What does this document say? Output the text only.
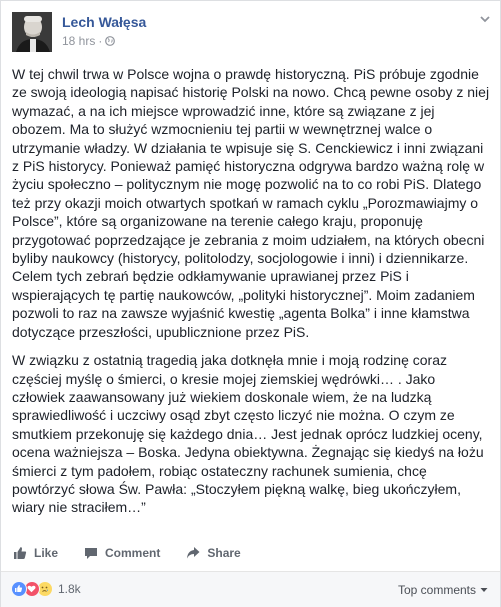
Lech Wałęsa
18 hrs ·

W tej chwil trwa w Polsce wojna o prawdę historyczną. PiS próbuje zgodnie ze swoją ideologią napisać historię Polski na nowo. Chcą pewne osoby z niej wymazać, a na ich miejsce wprowadzić inne, które są związane z jej obozem. Ma to służyć wzmocnieniu tej partii w wewnętrznej walce o utrzymanie władzy. W działania te wpisuje się S. Cenckiewicz i inni związani z PiS historycy. Ponieważ pamięć historyczna odgrywa bardzo ważną rolę w życiu społeczno – politycznym nie mogę pozwolić na to co robi PiS. Dlatego też przy okazji moich otwartych spotkań w ramach cyklu „Porozmawiajmy o Polsce”, które są organizowane na terenie całego kraju, proponuję przygotować poprzedzające je zebrania z moim udziałem, na których obecni byliby naukowcy (historycy, politolodzy, socjologowie i inni) i dziennikarze. Celem tych zebrań będzie odkłamywanie uprawianej przez PiS i wspierających tę partię naukowców, „polityki historycznej”. Moim zadaniem pozwoli to raz na zawsze wyjaśnić kwestię „agenta Bolka” i inne kłamstwa dotyczące przeszłości, upublicznione przez PiS.

W związku z ostatnią tragedią jaka dotknęła mnie i moją rodzinę coraz częściej myślę o śmierci, o kresie mojej ziemskiej wędrówki… . Jako człowiek zaawansowany już wiekiem doskonale wiem, że na ludzką sprawiedliwość i uczciwy osąd zbyt często liczyć nie można. O czym ze smutkiem przekonuję się każdego dnia… Jest jednak oprócz ludzkiej oceny, ocena ważniejsza – Boska. Jedyna obiektywna. Żegnając się kiedyś na łożu śmierci z tym padołem, robiąc ostateczny rachunek sumienia, chcę powtórzyć słowa Św. Pawła: „Stoczyłem piękną walkę, bieg ukończyłem, wiary nie straciłem…”

Like	Comment	Share
1.8k	Top comments
